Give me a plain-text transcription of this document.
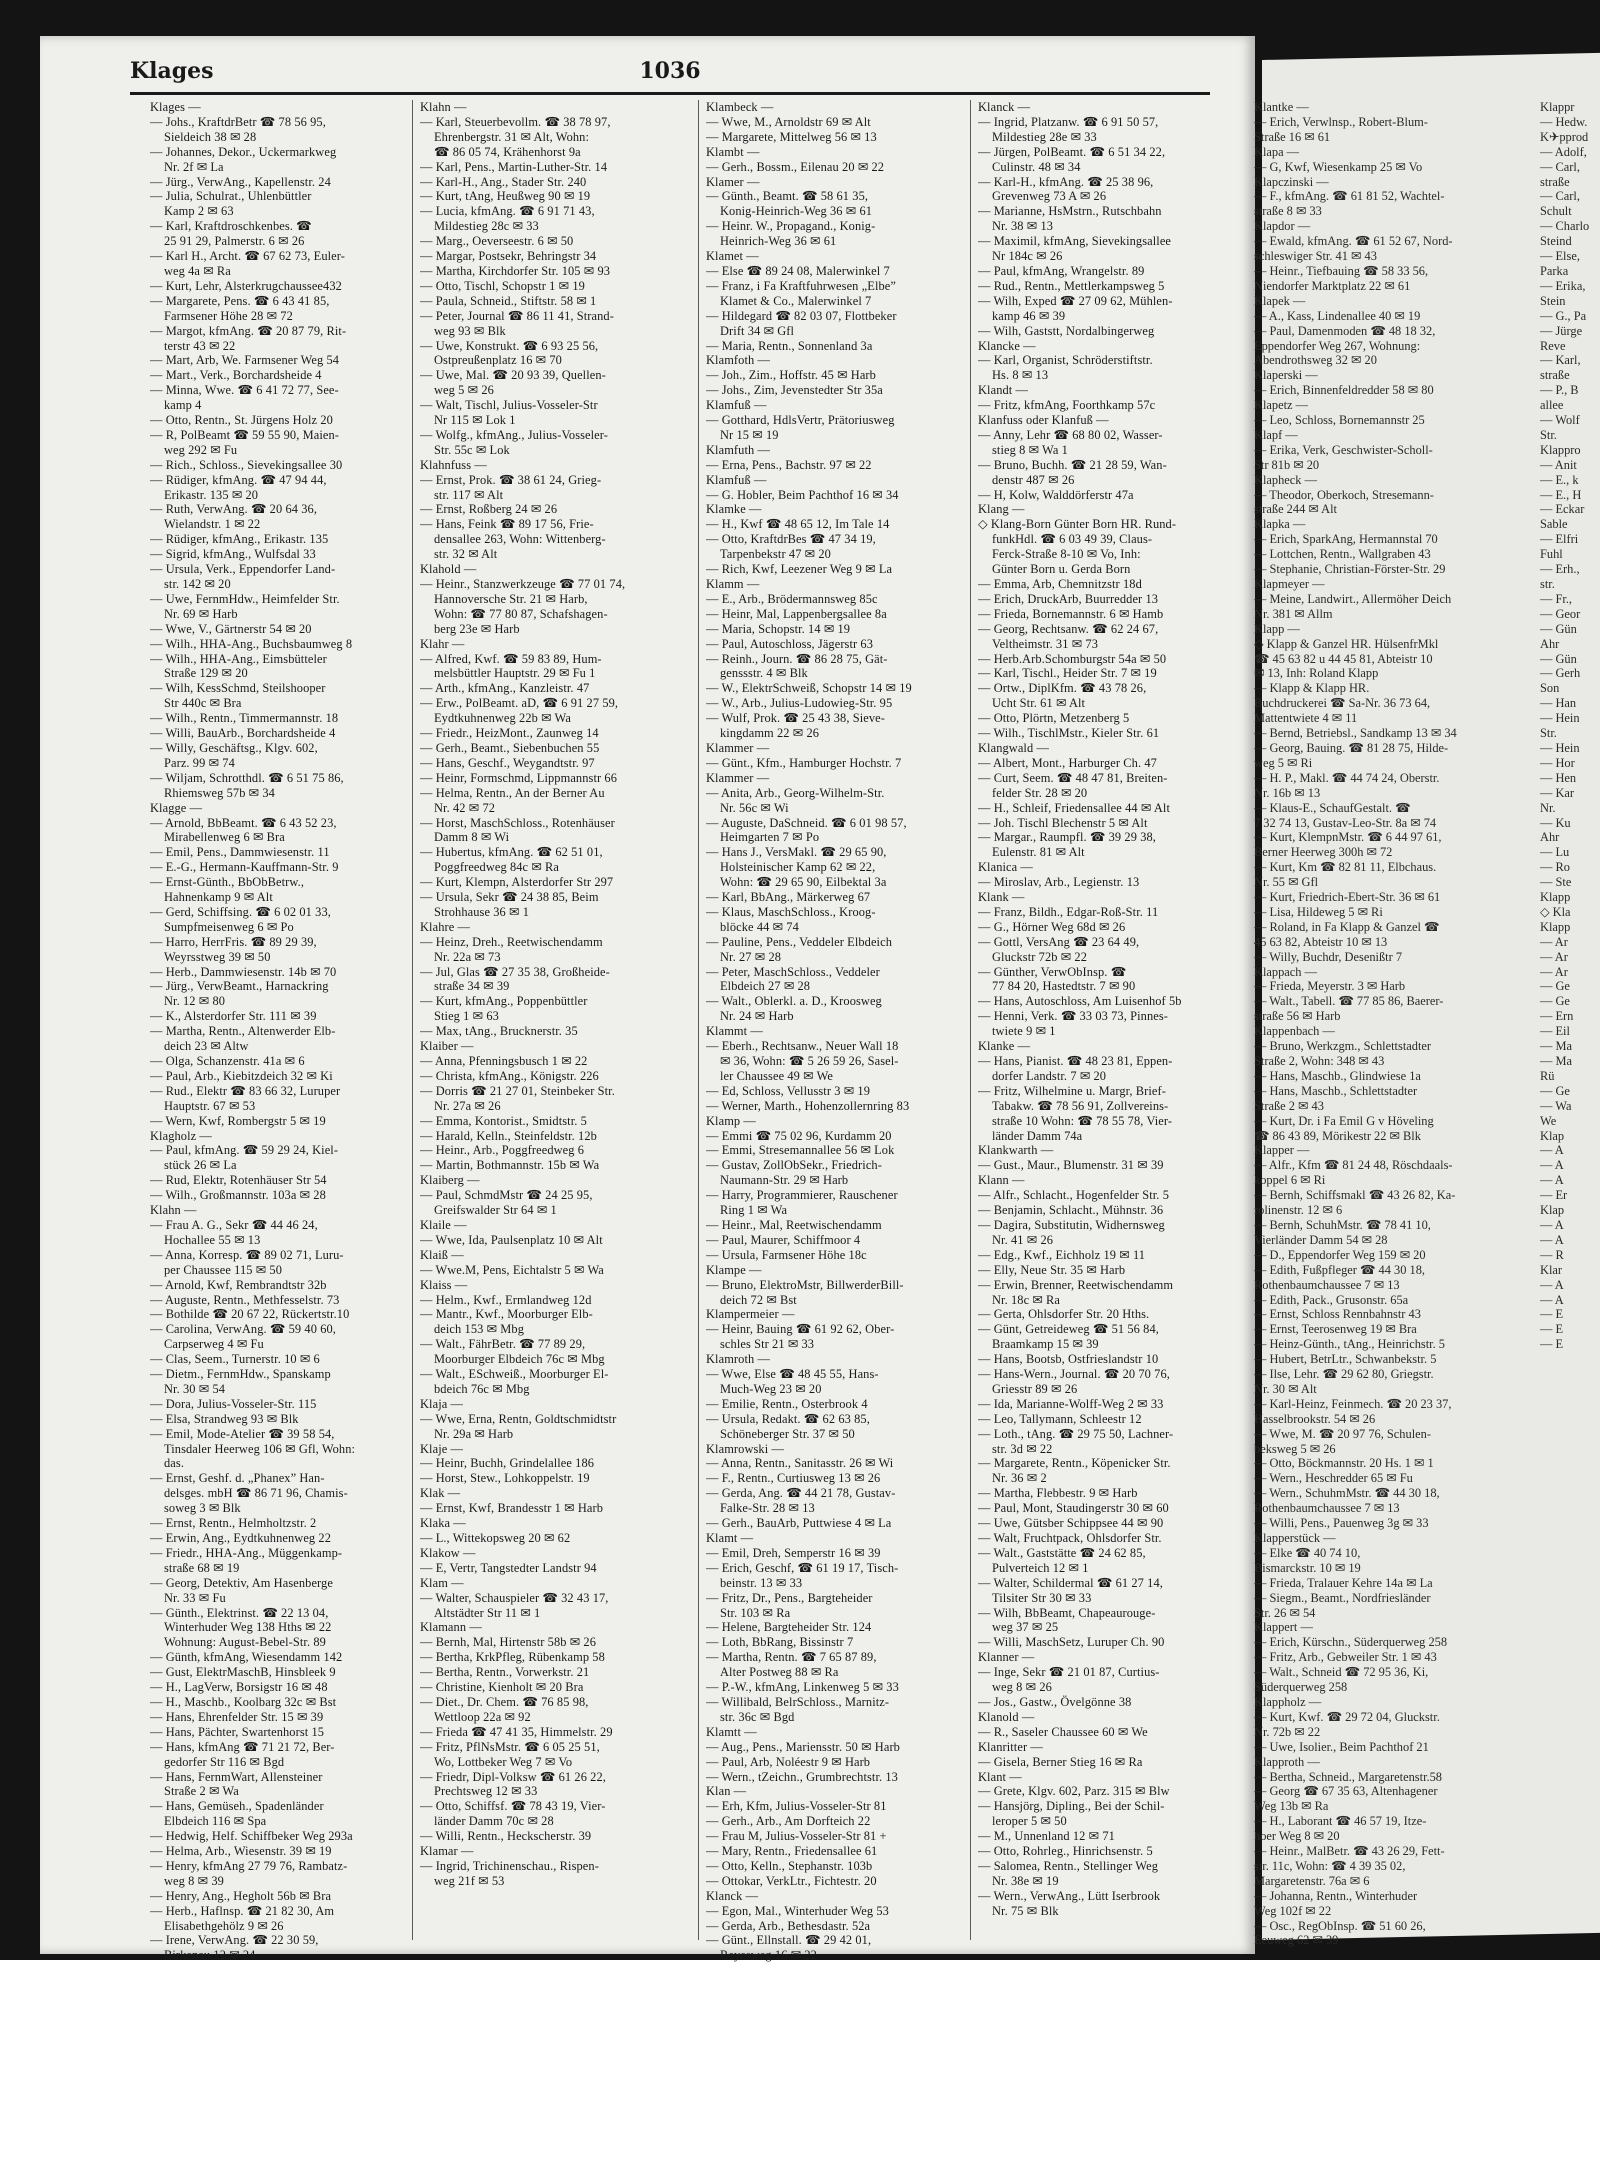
Klages	1036
Klages —
— Johs., KraftdrBetr ☎ 78 56 95,
Sieldeich 38 ✉ 28
— Johannes, Dekor., Uckermarkweg
Nr. 2f ✉ La
— Jürg., VerwAng., Kapellenstr. 24
— Julia, Schulrat., Uhlenbüttler
Kamp 2 ✉ 63
— Karl, Kraftdroschkenbes. ☎
25 91 29, Palmerstr. 6 ✉ 26
— Karl H., Archt. ☎ 67 62 73, Euler-
weg 4a ✉ Ra
— Kurt, Lehr, Alsterkrugchaussee432
— Margarete, Pens. ☎ 6 43 41 85,
Farmsener Höhe 28 ✉ 72
— Margot, kfmAng. ☎ 20 87 79, Rit-
terstr 43 ✉ 22
— Mart, Arb, We. Farmsener Weg 54
— Mart., Verk., Borchardsheide 4
— Minna, Wwe. ☎ 6 41 72 77, See-
kamp 4
— Otto, Rentn., St. Jürgens Holz 20
— R, PolBeamt ☎ 59 55 90, Maien-
weg 292 ✉ Fu
— Rich., Schloss., Sievekingsallee 30
— Rüdiger, kfmAng. ☎ 47 94 44,
Erikastr. 135 ✉ 20
— Ruth, VerwAng. ☎ 20 64 36,
Wielandstr. 1 ✉ 22
— Rüdiger, kfmAng., Erikastr. 135
— Sigrid, kfmAng., Wulfsdal 33
— Ursula, Verk., Eppendorfer Land-
str. 142 ✉ 20
— Uwe, FernmHdw., Heimfelder Str.
Nr. 69 ✉ Harb
— Wwe, V., Gärtnerstr 54 ✉ 20
— Wilh., HHA-Ang., Buchsbaumweg 8
— Wilh., HHA-Ang., Eimsbütteler
Straße 129 ✉ 20
— Wilh, KessSchmd, Steilshooper
Str 440c ✉ Bra
— Wilh., Rentn., Timmermannstr. 18
— Willi, BauArb., Borchardsheide 4
— Willy, Geschäftsg., Klgv. 602,
Parz. 99 ✉ 74
— Wiljam, Schrotthdl. ☎ 6 51 75 86,
Rhiemsweg 57b ✉ 34
Klagge —
— Arnold, BbBeamt. ☎ 6 43 52 23,
Mirabellenweg 6 ✉ Bra
— Emil, Pens., Dammwiesenstr. 11
— E.-G., Hermann-Kauffmann-Str. 9
— Ernst-Günth., BbObBetrw.,
Hahnenkamp 9 ✉ Alt
— Gerd, Schiffsing. ☎ 6 02 01 33,
Sumpfmeisenweg 6 ✉ Po
— Harro, HerrFris. ☎ 89 29 39,
Weyrsstweg 39 ✉ 50
— Herb., Dammwiesenstr. 14b ✉ 70
— Jürg., VerwBeamt., Harnackring
Nr. 12 ✉ 80
— K., Alsterdorfer Str. 111 ✉ 39
— Martha, Rentn., Altenwerder Elb-
deich 23 ✉ Altw
— Olga, Schanzenstr. 41a ✉ 6
— Paul, Arb., Kiebitzdeich 32 ✉ Ki
— Rud., Elektr ☎ 83 66 32, Luruper
Hauptstr. 67 ✉ 53
— Wern, Kwf, Rombergstr 5 ✉ 19
Klagholz —
— Paul, kfmAng. ☎ 59 29 24, Kiel-
stück 26 ✉ La
— Rud, Elektr, Rotenhäuser Str 54
— Wilh., Großmannstr. 103a ✉ 28
Klahn —
— Frau A. G., Sekr ☎ 44 46 24,
Hochallee 55 ✉ 13
— Anna, Korresp. ☎ 89 02 71, Luru-
per Chaussee 115 ✉ 50
— Arnold, Kwf, Rembrandtstr 32b
— Auguste, Rentn., Methfesselstr. 73
— Bothilde ☎ 20 67 22, Rückertstr.10
— Carolina, VerwAng. ☎ 59 40 60,
Carpserweg 4 ✉ Fu
— Clas, Seem., Turnerstr. 10 ✉ 6
— Dietm., FernmHdw., Spanskamp
Nr. 30 ✉ 54
— Dora, Julius-Vosseler-Str. 115
— Elsa, Strandweg 93 ✉ Blk
— Emil, Mode-Atelier ☎ 39 58 54,
Tinsdaler Heerweg 106 ✉ Gfl, Wohn:
das.
— Ernst, Geshf. d. „Phanex” Han-
delsges. mbH ☎ 86 71 96, Chamis-
soweg 3 ✉ Blk
— Ernst, Rentn., Helmholtzstr. 2
— Erwin, Ang., Eydtkuhnenweg 22
— Friedr., HHA-Ang., Müggenkamp-
straße 68 ✉ 19
— Georg, Detektiv, Am Hasenberge
Nr. 33 ✉ Fu
— Günth., Elektrinst. ☎ 22 13 04,
Winterhuder Weg 138 Hths ✉ 22
Wohnung: August-Bebel-Str. 89
— Günth, kfmAng, Wiesendamm 142
— Gust, ElektrMaschB, Hinsbleek 9
— H., LagVerw, Borsigstr 16 ✉ 48
— H., Maschb., Koolbarg 32c ✉ Bst
— Hans, Ehrenfelder Str. 15 ✉ 39
— Hans, Pächter, Swartenhorst 15
— Hans, kfmAng ☎ 71 21 72, Ber-
gedorfer Str 116 ✉ Bgd
— Hans, FernmWart, Allensteiner
Straße 2 ✉ Wa
— Hans, Gemüseh., Spadenländer
Elbdeich 116 ✉ Spa
— Hedwig, Helf. Schiffbeker Weg 293a
— Helma, Arb., Wiesenstr. 39 ✉ 19
— Henry, kfmAng 27 79 76, Rambatz-
weg 8 ✉ 39
— Henry, Ang., Hegholt 56b ✉ Bra
— Herb., Haflnsp. ☎ 21 82 30, Am
Elisabethgehölz 9 ✉ 26
— Irene, VerwAng. ☎ 22 30 59,
Birkenau 12 ✉ 24
Klahn —
— Karl, Steuerbevollm. ☎ 38 78 97,
Ehrenbergstr. 31 ✉ Alt, Wohn:
☎ 86 05 74, Krähenhorst 9a
— Karl, Pens., Martin-Luther-Str. 14
— Karl-H., Ang., Stader Str. 240
— Kurt, tAng, Heußweg 90 ✉ 19
— Lucia, kfmAng. ☎ 6 91 71 43,
Mildestieg 28c ✉ 33
— Marg., Oeverseestr. 6 ✉ 50
— Margar, Postsekr, Behringstr 34
— Martha, Kirchdorfer Str. 105 ✉ 93
— Otto, Tischl, Schopstr 1 ✉ 19
— Paula, Schneid., Stiftstr. 58 ✉ 1
— Peter, Journal ☎ 86 11 41, Strand-
weg 93 ✉ Blk
— Uwe, Konstrukt. ☎ 6 93 25 56,
Ostpreußenplatz 16 ✉ 70
— Uwe, Mal. ☎ 20 93 39, Quellen-
weg 5 ✉ 26
— Walt, Tischl, Julius-Vosseler-Str
Nr 115 ✉ Lok 1
— Wolfg., kfmAng., Julius-Vosseler-
Str. 55c ✉ Lok
Klahnfuss —
— Ernst, Prok. ☎ 38 61 24, Grieg-
str. 117 ✉ Alt
— Ernst, Roßberg 24 ✉ 26
— Hans, Feink ☎ 89 17 56, Frie-
densallee 263, Wohn: Wittenberg-
str. 32 ✉ Alt
Klahold —
— Heinr., Stanzwerkzeuge ☎ 77 01 74,
Hannoversche Str. 21 ✉ Harb,
Wohn: ☎ 77 80 87, Schafshagen-
berg 23e ✉ Harb
Klahr —
— Alfred, Kwf. ☎ 59 83 89, Hum-
melsbüttler Hauptstr. 29 ✉ Fu 1
— Arth., kfmAng., Kanzleistr. 47
— Erw., PolBeamt. aD, ☎ 6 91 27 59,
Eydtkuhnenweg 22b ✉ Wa
— Friedr., HeizMont., Zaunweg 14
— Gerh., Beamt., Siebenbuchen 55
— Hans, Geschf., Weygandtstr. 97
— Heinr, Formschmd, Lippmannstr 66
— Helma, Rentn., An der Berner Au
Nr. 42 ✉ 72
— Horst, MaschSchloss., Rotenhäuser
Damm 8 ✉ Wi
— Hubertus, kfmAng. ☎ 62 51 01,
Poggfreedweg 84c ✉ Ra
— Kurt, Klempn, Alsterdorfer Str 297
— Ursula, Sekr ☎ 24 38 85, Beim
Strohhause 36 ✉ 1
Klahre —
— Heinz, Dreh., Reetwischendamm
Nr. 22a ✉ 73
— Jul, Glas ☎ 27 35 38, Großheide-
straße 34 ✉ 39
— Kurt, kfmAng., Poppenbüttler
Stieg 1 ✉ 63
— Max, tAng., Brucknerstr. 35
Klaiber —
— Anna, Pfenningsbusch 1 ✉ 22
— Christa, kfmAng., Königstr. 226
— Dorris ☎ 21 27 01, Steinbeker Str.
Nr. 27a ✉ 26
— Emma, Kontorist., Smidtstr. 5
— Harald, Kelln., Steinfeldstr. 12b
— Heinr., Arb., Poggfreedweg 6
— Martin, Bothmannstr. 15b ✉ Wa
Klaiberg —
— Paul, SchmdMstr ☎ 24 25 95,
Greifswalder Str 64 ✉ 1
Klaile —
— Wwe, Ida, Paulsenplatz 10 ✉ Alt
Klaiß —
— Wwe.M, Pens, Eichtalstr 5 ✉ Wa
Klaiss —
— Helm., Kwf., Ermlandweg 12d
— Mantr., Kwf., Moorburger Elb-
deich 153 ✉ Mbg
— Walt., FährBetr. ☎ 77 89 29,
Moorburger Elbdeich 76c ✉ Mbg
— Walt., ESchweiß., Moorburger El-
bdeich 76c ✉ Mbg
Klaja —
— Wwe, Erna, Rentn, Goldtschmidtstr
Nr. 29a ✉ Harb
Klaje —
— Heinr, Buchh, Grindelallee 186
— Horst, Stew., Lohkoppelstr. 19
Klak —
— Ernst, Kwf, Brandesstr 1 ✉ Harb
Klaka —
— L., Wittekopsweg 20 ✉ 62
Klakow —
— E, Vertr, Tangstedter Landstr 94
Klam —
— Walter, Schauspieler ☎ 32 43 17,
Altstädter Str 11 ✉ 1
Klamann —
— Bernh, Mal, Hirtenstr 58b ✉ 26
— Bertha, KrkPfleg, Rübenkamp 58
— Bertha, Rentn., Vorwerkstr. 21
— Christine, Kienholt ✉ 20 Bra
— Diet., Dr. Chem. ☎ 76 85 98,
Wettloop 22a ✉ 92
— Frieda ☎ 47 41 35, Himmelstr. 29
— Fritz, PflNsMstr. ☎ 6 05 25 51,
Wo, Lottbeker Weg 7 ✉ Vo
— Friedr, Dipl-Volksw ☎ 61 26 22,
Prechtsweg 12 ✉ 33
— Otto, Schiffsf. ☎ 78 43 19, Vier-
länder Damm 70c ✉ 28
— Willi, Rentn., Heckscherstr. 39
Klamar —
— Ingrid, Trichinenschau., Rispen-
weg 21f ✉ 53
Klambeck —
— Wwe, M., Arnoldstr 69 ✉ Alt
— Margarete, Mittelweg 56 ✉ 13
Klambt —
— Gerh., Bossm., Eilenau 20 ✉ 22
Klamer —
— Günth., Beamt. ☎ 58 61 35,
Konig-Heinrich-Weg 36 ✉ 61
— Heinr. W., Propagand., Konig-
Heinrich-Weg 36 ✉ 61
Klamet —
— Else ☎ 89 24 08, Malerwinkel 7
— Franz, i Fa Kraftfuhrwesen „Elbe”
Klamet & Co., Malerwinkel 7
— Hildegard ☎ 82 03 07, Flottbeker
Drift 34 ✉ Gfl
— Maria, Rentn., Sonnenland 3a
Klamfoth —
— Joh., Zim., Hoffstr. 45 ✉ Harb
— Johs., Zim, Jevenstedter Str 35a
Klamfuß —
— Gotthard, HdlsVertr, Prätoriusweg
Nr 15 ✉ 19
Klamfuth —
— Erna, Pens., Bachstr. 97 ✉ 22
Klamfuß —
— G. Hobler, Beim Pachthof 16 ✉ 34
Klamke —
— H., Kwf ☎ 48 65 12, Im Tale 14
— Otto, KraftdrBes ☎ 47 34 19,
Tarpenbekstr 47 ✉ 20
— Rich, Kwf, Leezener Weg 9 ✉ La
Klamm —
— E., Arb., Brödermannsweg 85c
— Heinr, Mal, Lappenbergsallee 8a
— Maria, Schopstr. 14 ✉ 19
— Paul, Autoschloss, Jägerstr 63
— Reinh., Journ. ☎ 86 28 75, Gät-
genssstr. 4 ✉ Blk
— W., ElektrSchweiß, Schopstr 14 ✉ 19
— W., Arb., Julius-Ludowieg-Str. 95
— Wulf, Prok. ☎ 25 43 38, Sieve-
kingdamm 22 ✉ 26
Klammer —
— Günt., Kfm., Hamburger Hochstr. 7
Klammer —
— Anita, Arb., Georg-Wilhelm-Str.
Nr. 56c ✉ Wi
— Auguste, DaSchneid. ☎ 6 01 98 57,
Heimgarten 7 ✉ Po
— Hans J., VersMakl. ☎ 29 65 90,
Holsteinischer Kamp 62 ✉ 22,
Wohn: ☎ 29 65 90, Eilbektal 3a
— Karl, BbAng., Märkerweg 67
— Klaus, MaschSchloss., Kroog-
blöcke 44 ✉ 74
— Pauline, Pens., Veddeler Elbdeich
Nr. 27 ✉ 28
— Peter, MaschSchloss., Veddeler
Elbdeich 27 ✉ 28
— Walt., Oblerkl. a. D., Kroosweg
Nr. 24 ✉ Harb
Klammt —
— Eberh., Rechtsanw., Neuer Wall 18
✉ 36, Wohn: ☎ 5 26 59 26, Sasel-
ler Chaussee 49 ✉ We
— Ed, Schloss, Vellusstr 3 ✉ 19
— Werner, Marth., Hohenzollernring 83
Klamp —
— Emmi ☎ 75 02 96, Kurdamm 20
— Emmi, Stresemannallee 56 ✉ Lok
— Gustav, ZollObSekr., Friedrich-
Naumann-Str. 29 ✉ Harb
— Harry, Programmierer, Rauschener
Ring 1 ✉ Wa
— Heinr., Mal, Reetwischendamm
— Paul, Maurer, Schiffmoor 4
— Ursula, Farmsener Höhe 18c
Klampe —
— Bruno, ElektroMstr, BillwerderBill-
deich 72 ✉ Bst
Klampermeier —
— Heinr, Bauing ☎ 61 92 62, Ober-
schles Str 21 ✉ 33
Klamroth —
— Wwe, Else ☎ 48 45 55, Hans-
Much-Weg 23 ✉ 20
— Emilie, Rentn., Osterbrook 4
— Ursula, Redakt. ☎ 62 63 85,
Schöneberger Str. 37 ✉ 50
Klamrowski —
— Anna, Rentn., Sanitasstr. 26 ✉ Wi
— F., Rentn., Curtiusweg 13 ✉ 26
— Gerda, Ang. ☎ 44 21 78, Gustav-
Falke-Str. 28 ✉ 13
— Gerh., BauArb, Puttwiese 4 ✉ La
Klamt —
— Emil, Dreh, Semperstr 16 ✉ 39
— Erich, Geschf, ☎ 61 19 17, Tisch-
beinstr. 13 ✉ 33
— Fritz, Dr., Pens., Bargteheider
Str. 103 ✉ Ra
— Helene, Bargteheider Str. 124
— Loth, BbRang, Bissinstr 7
— Martha, Rentn. ☎ 7 65 87 89,
Alter Postweg 88 ✉ Ra
— P.-W., kfmAng, Linkenweg 5 ✉ 33
— Willibald, BelrSchloss., Marnitz-
str. 36c ✉ Bgd
Klamtt —
— Aug., Pens., Mariensstr. 50 ✉ Harb
— Paul, Arb, Noléestr 9 ✉ Harb
— Wern., tZeichn., Grumbrechtstr. 13
Klan —
— Erh, Kfm, Julius-Vosseler-Str 81
— Gerh., Arb., Am Dorfteich 22
— Frau M, Julius-Vosseler-Str 81 +
— Mary, Rentn., Friedensallee 61
— Otto, Kelln., Stephanstr. 103b
— Ottokar, VerkLtr., Fichtestr. 20
Klanck —
— Egon, Mal., Winterhuder Weg 53
— Gerda, Arb., Bethesdastr. 52a
— Günt., Ellnstall. ☎ 29 42 01,
Reyesweg 16 ✉ 22
Klanck —
— Ingrid, Platzanw. ☎ 6 91 50 57,
Mildestieg 28e ✉ 33
— Jürgen, PolBeamt. ☎ 6 51 34 22,
Culinstr. 48 ✉ 34
— Karl-H., kfmAng. ☎ 25 38 96,
Grevenweg 73 A ✉ 26
— Marianne, HsMstrn., Rutschbahn
Nr. 38 ✉ 13
— Maximil, kfmAng, Sievekingsallee
Nr 184c ✉ 26
— Paul, kfmAng, Wrangelstr. 89
— Rud., Rentn., Mettlerkampsweg 5
— Wilh, Exped ☎ 27 09 62, Mühlen-
kamp 46 ✉ 39
— Wilh, Gaststt, Nordalbingerweg
Klancke —
— Karl, Organist, Schröderstiftstr.
Hs. 8 ✉ 13
Klandt —
— Fritz, kfmAng, Foorthkamp 57c
Klanfuss oder Klanfuß —
— Anny, Lehr ☎ 68 80 02, Wasser-
stieg 8 ✉ Wa 1
— Bruno, Buchh. ☎ 21 28 59, Wan-
denstr 487 ✉ 26
— H, Kolw, Walddörferstr 47a
Klang —
◇ Klang-Born Günter Born HR. Rund-
funkHdl. ☎ 6 03 49 39, Claus-
Ferck-Straße 8-10 ✉ Vo, Inh:
Günter Born u. Gerda Born
— Emma, Arb, Chemnitzstr 18d
— Erich, DruckArb, Buurredder 13
— Frieda, Bornemannstr. 6 ✉ Hamb
— Georg, Rechtsanw. ☎ 62 24 67,
Veltheimstr. 31 ✉ 73
— Herb.Arb.Schomburgstr 54a ✉ 50
— Karl, Tischl., Heider Str. 7 ✉ 19
— Ortw., DiplKfm. ☎ 43 78 26,
Ucht Str. 61 ✉ Alt
— Otto, Plörtn, Metzenberg 5
— Wilh., TischlMstr., Kieler Str. 61
Klangwald —
— Albert, Mont., Harburger Ch. 47
— Curt, Seem. ☎ 48 47 81, Breiten-
felder Str. 28 ✉ 20
— H., Schleif, Friedensallee 44 ✉ Alt
— Joh. Tischl Blechenstr 5 ✉ Alt
— Margar., Raumpfl. ☎ 39 29 38,
Eulenstr. 81 ✉ Alt
Klanica —
— Miroslav, Arb., Legienstr. 13
Klank —
— Franz, Bildh., Edgar-Roß-Str. 11
— G., Hörner Weg 68d ✉ 26
— Gottl, VersAng ☎ 23 64 49,
Gluckstr 72b ✉ 22
— Günther, VerwObInsp. ☎
77 84 20, Hastedtstr. 7 ✉ 90
— Hans, Autoschloss, Am Luisenhof 5b
— Henni, Verk. ☎ 33 03 73, Pinnes-
twiete 9 ✉ 1
Klanke —
— Hans, Pianist. ☎ 48 23 81, Eppen-
dorfer Landstr. 7 ✉ 20
— Fritz, Wilhelmine u. Margr, Brief-
Tabakw. ☎ 78 56 91, Zollvereins-
straße 10 Wohn: ☎ 78 55 78, Vier-
länder Damm 74a
Klankwarth —
— Gust., Maur., Blumenstr. 31 ✉ 39
Klann —
— Alfr., Schlacht., Hogenfelder Str. 5
— Benjamin, Schlacht., Mühnstr. 36
— Dagira, Substitutin, Widhernsweg
Nr. 41 ✉ 26
— Edg., Kwf., Eichholz 19 ✉ 11
— Elly, Neue Str. 35 ✉ Harb
— Erwin, Brenner, Reetwischendamm
Nr. 18c ✉ Ra
— Gerta, Ohlsdorfer Str. 20 Hths.
— Günt, Getreideweg ☎ 51 56 84,
Braamkamp 15 ✉ 39
— Hans, Bootsb, Ostfrieslandstr 10
— Hans-Wern., Journal. ☎ 20 70 76,
Griesstr 89 ✉ 26
— Ida, Marianne-Wolff-Weg 2 ✉ 33
— Leo, Tallymann, Schleestr 12
— Loth., tAng. ☎ 29 75 50, Lachner-
str. 3d ✉ 22
— Margarete, Rentn., Köpenicker Str.
Nr. 36 ✉ 2
— Martha, Flebbestr. 9 ✉ Harb
— Paul, Mont, Staudingerstr 30 ✉ 60
— Uwe, Gütsber Schippsee 44 ✉ 90
— Walt, Fruchtpack, Ohlsdorfer Str.
— Walt., Gaststätte ☎ 24 62 85,
Pulverteich 12 ✉ 1
— Walter, Schildermal ☎ 61 27 14,
Tilsiter Str 30 ✉ 33
— Wilh, BbBeamt, Chapeaurouge-
weg 37 ✉ 25
— Willi, MaschSetz, Luruper Ch. 90
Klanner —
— Inge, Sekr ☎ 21 01 87, Curtius-
weg 8 ✉ 26
— Jos., Gastw., Övelgönne 38
Klanold —
— R., Saseler Chaussee 60 ✉ We
Klanritter —
— Gisela, Berner Stieg 16 ✉ Ra
Klant —
— Grete, Klgv. 602, Parz. 315 ✉ Blw
— Hansjörg, Dipling., Bei der Schil-
leroper 5 ✉ 50
— M., Unnenland 12 ✉ 71
— Otto, Rohrleg., Hinrichsenstr. 5
— Salomea, Rentn., Stellinger Weg
Nr. 38e ✉ 19
— Wern., VerwAng., Lütt Iserbrook
Nr. 75 ✉ Blk
Klantke —
— Erich, Verwlnsp., Robert-Blum-
Straße 16 ✉ 61
Klapa —
— G, Kwf, Wiesenkamp 25 ✉ Vo
Klapczinski —
— F., kfmAng. ☎ 61 81 52, Wachtel-
straße 8 ✉ 33
Klapdor —
— Ewald, kfmAng. ☎ 61 52 67, Nord-
schleswiger Str. 41 ✉ 43
— Heinr., Tiefbauing ☎ 58 33 56,
Niendorfer Marktplatz 22 ✉ 61
Klapek —
— A., Kass, Lindenallee 40 ✉ 19
— Paul, Damenmoden ☎ 48 18 32,
Eppendorfer Weg 267, Wohnung:
Abendrothsweg 32 ✉ 20
Klaperski —
— Erich, Binnenfeldredder 58 ✉ 80
Klapetz —
— Leo, Schloss, Bornemannstr 25
Klapf —
— Erika, Verk, Geschwister-Scholl-
Str 81b ✉ 20
Klapheck —
— Theodor, Oberkoch, Stresemann-
straße 244 ✉ Alt
Klapka —
— Erich, SparkAng, Hermannstal 70
— Lottchen, Rentn., Wallgraben 43
— Stephanie, Christian-Förster-Str. 29
Klapmeyer —
— Meine, Landwirt., Allermöher Deich
Nr. 381 ✉ Allm
Klapp —
◇ Klapp & Ganzel HR. HülsenfrMkl
☎ 45 63 82 u 44 45 81, Abteistr 10
✉ 13, Inh: Roland Klapp
— Klapp & Klapp HR.
Buchdruckerei ☎ Sa-Nr. 36 73 64,
Mattentwiete 4 ✉ 11
— Bernd, Betriebsl., Sandkamp 13 ✉ 34
— Georg, Bauing. ☎ 81 28 75, Hilde-
weg 5 ✉ Ri
— H. P., Makl. ☎ 44 74 24, Oberstr.
Nr. 16b ✉ 13
— Klaus-E., SchaufGestalt. ☎
7 32 74 13, Gustav-Leo-Str. 8a ✉ 74
— Kurt, KlempnMstr. ☎ 6 44 97 61,
Berner Heerweg 300h ✉ 72
— Kurt, Km ☎ 82 81 11, Elbchaus.
Nr. 55 ✉ Gfl
— Kurt, Friedrich-Ebert-Str. 36 ✉ 61
— Lisa, Hildeweg 5 ✉ Ri
— Roland, in Fa Klapp & Ganzel ☎
45 63 82, Abteistr 10 ✉ 13
— Willy, Buchdr, Desenißtr 7
Klappach —
— Frieda, Meyerstr. 3 ✉ Harb
— Walt., Tabell. ☎ 77 85 86, Baerer-
straße 56 ✉ Harb
Klappenbach —
— Bruno, Werkzgm., Schlettstadter
Straße 2, Wohn: 348 ✉ 43
— Hans, Maschb., Glindwiese 1a
— Hans, Maschb., Schlettstadter
Straße 2 ✉ 43
— Kurt, Dr. i Fa Emil G v Höveling
☎ 86 43 89, Mörikestr 22 ✉ Blk
Klapper —
— Alfr., Kfm ☎ 81 24 48, Röschdaals-
koppel 6 ✉ Ri
— Bernh, Schiffsmakl ☎ 43 26 82, Ka-
rolinenstr. 12 ✉ 6
— Bernh, SchuhMstr. ☎ 78 41 10,
Vierländer Damm 54 ✉ 28
— D., Eppendorfer Weg 159 ✉ 20
— Edith, Fußpfleger ☎ 44 30 18,
Rothenbaumchaussee 7 ✉ 13
— Edith, Pack., Grusonstr. 65a
— Ernst, Schloss Rennbahnstr 43
— Ernst, Teerosenweg 19 ✉ Bra
— Heinz-Günth., tAng., Heinrichstr. 5
— Hubert, BetrLtr., Schwanbekstr. 5
— Ilse, Lehr. ☎ 29 62 80, Griegstr.
Nr. 30 ✉ Alt
— Karl-Heinz, Feinmech. ☎ 20 23 37,
Hasselbrookstr. 54 ✉ 26
— Wwe, M. ☎ 20 97 76, Schulen-
beksweg 5 ✉ 26
— Otto, Böckmannstr. 20 Hs. 1 ✉ 1
— Wern., Heschredder 65 ✉ Fu
— Wern., SchuhmMstr. ☎ 44 30 18,
Rothenbaumchaussee 7 ✉ 13
— Willi, Pens., Pauenweg 3g ✉ 33
Klapperstück —
— Elke ☎ 40 74 10,
Bismarckstr. 10 ✉ 19
— Frieda, Tralauer Kehre 14a ✉ La
— Siegm., Beamt., Nordfriesländer
Str. 26 ✉ 54
Klappert —
— Erich, Kürschn., Süderquerweg 258
— Fritz, Arb., Gebweiler Str. 1 ✉ 43
— Walt., Schneid ☎ 72 95 36, Ki,
Süderquerweg 258
Klappholz —
— Kurt, Kwf. ☎ 29 72 04, Gluckstr.
Nr. 72b ✉ 22
— Uwe, Isolier., Beim Pachthof 21
Klapproth —
— Bertha, Schneid., Margaretenstr.58
— Georg ☎ 67 35 63, Altenhagener
Weg 13b ✉ Ra
— H., Laborant ☎ 46 57 19, Itze-
hoer Weg 8 ✉ 20
— Heinr., MalBetr. ☎ 43 26 29, Fett-
str. 11c, Wohn: ☎ 4 39 35 02,
Margaretenstr. 76a ✉ 6
— Johanna, Rentn., Winterhuder
Weg 102f ✉ 22
— Osc., RegObInsp. ☎ 51 60 26,
Eeuweg 62 ✉ 39
Klappr
— Hedw.
K✈pprod
— Adolf,
— Carl,
straße
— Carl,
Schult
— Charlo
Steind
— Else,
Parka
— Erika,
Stein
— G., Pa
— Jürge
Reve
— Karl,
straße
— P., B
allee
— Wolf
Str.
Klappro
— Anit
— E., k
— E., H
— Eckar
Sable
— Elfri
Fuhl
— Erh.,
str.
— Fr.,
— Geor
— Gün
Ahr
— Gün
— Gerh
Son
— Han
— Hein
Str.
— Hein
— Hor
— Hen
— Kar
Nr.
— Ku
Ahr
— Lu
— Ro
— Ste
Klapp
◇ Kla
Klapp
— Ar
— Ar
— Ar
— Ge
— Ge
— Ern
— Eil
— Ma
— Ma
Rü
— Ge
— Wa
We
Klap
— A
— A
— A
— Er
Klap
— A
— A
— R
Klar
— A
— A
— E
— E
— E
